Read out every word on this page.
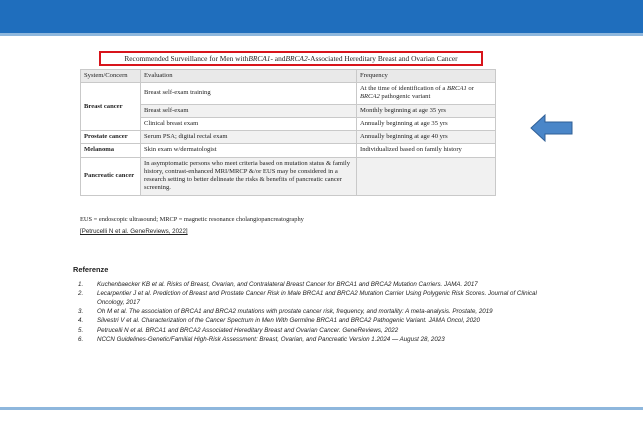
Recommended Surveillance for Men with BRCA1 - and BRCA2 -Associated Hereditary Breast and Ovarian Cancer
System/Concern	Evaluation	Frequency
Breast cancer	Breast self-exam training	At the time of identification of a BRCA1 or BRCA2 pathogenic variant
	Breast self-exam	Monthly beginning at age 35 yrs
	Clinical breast exam	Annually beginning at age 35 yrs
Prostate cancer	Serum PSA; digital rectal exam	Annually beginning at age 40 yrs
Melanoma	Skin exam w/dermatologist	Individualized based on family history
Pancreatic cancer	In asymptomatic persons who meet criteria based on mutation status & family history, contrast-enhanced MRI/MRCP &/or EUS may be considered in a research setting to better delineate the risks & benefits of pancreatic cancer screening.	
EUS = endoscopic ultrasound; MRCP = magnetic resonance cholangiopancreatography
[Petrucelli N et al. GeneReviews, 2022]
Referenze
1.	Kuchenbaecker KB et al. Risks of Breast, Ovarian, and Contralateral Breast Cancer for BRCA1 and BRCA2 Mutation Carriers. JAMA. 2017
2.	Lecarpentier J et al. Prediction of Breast and Prostate Cancer Risk in Male BRCA1 and BRCA2 Mutation Carrier Using Polygenic Risk Scores. Journal of Clinical Oncology, 2017
3.	Oh M et al. The association of BRCA1 and BRCA2 mutations with prostate cancer risk, frequency, and mortality: A meta-analysis. Prostate, 2019
4.	Silvestri V et al. Characterization of the Cancer Spectrum in Men With Germline BRCA1 and BRCA2 Pathogenic Variant. JAMA Oncol, 2020
5.	Petrucelli N et al. BRCA1 and BRCA2 Associated Hereditary Breast and Ovarian Cancer. GeneReviews, 2022
6.	NCCN Guidelines-Genetic/Familial High-Risk Assessment: Breast, Ovarian, and Pancreatic Version 1.2024 — August 28, 2023
